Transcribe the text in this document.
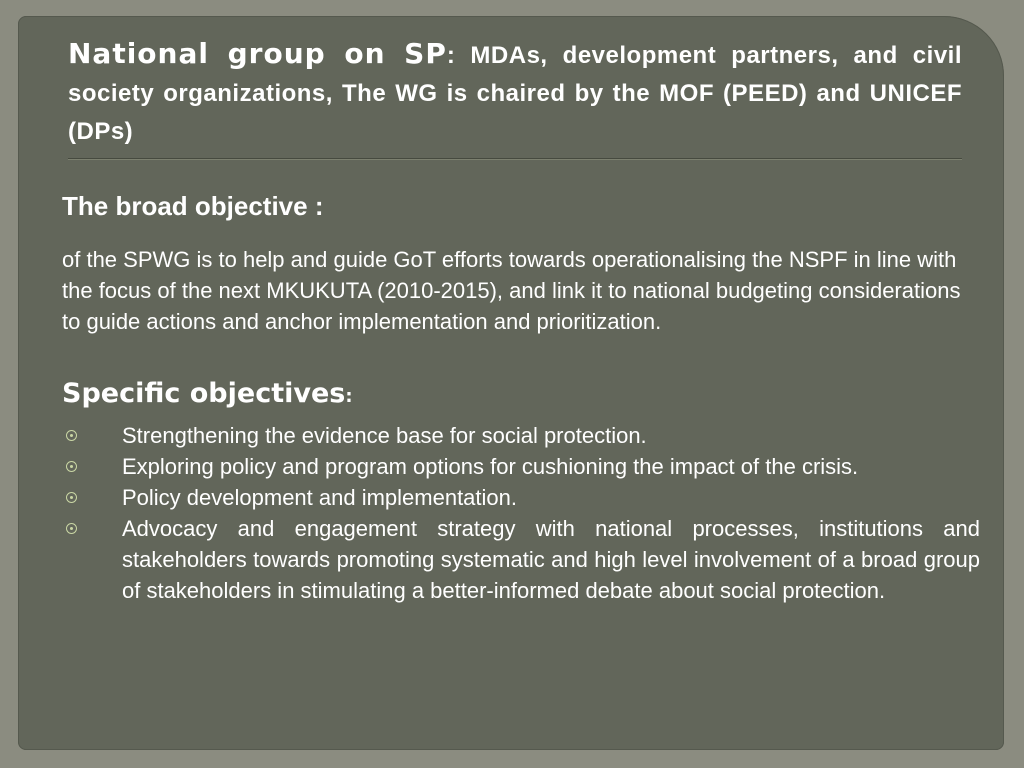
National group on SP: MDAs, development partners, and civil society organizations, The WG is chaired by the MOF (PEED) and UNICEF (DPs)
The broad objective :

of the SPWG is to help and guide GoT efforts towards operationalising the NSPF in line with the focus of the next MKUKUTA (2010-2015), and link it to national budgeting considerations to guide actions and anchor implementation and prioritization.

Specific objectives:
Strengthening the evidence base for social protection.
Exploring policy and program options for cushioning the impact of the crisis.
Policy development and implementation.
Advocacy and engagement strategy with national processes, institutions and stakeholders towards promoting systematic and high level involvement of a broad group of stakeholders in stimulating a better-informed debate about social protection.
